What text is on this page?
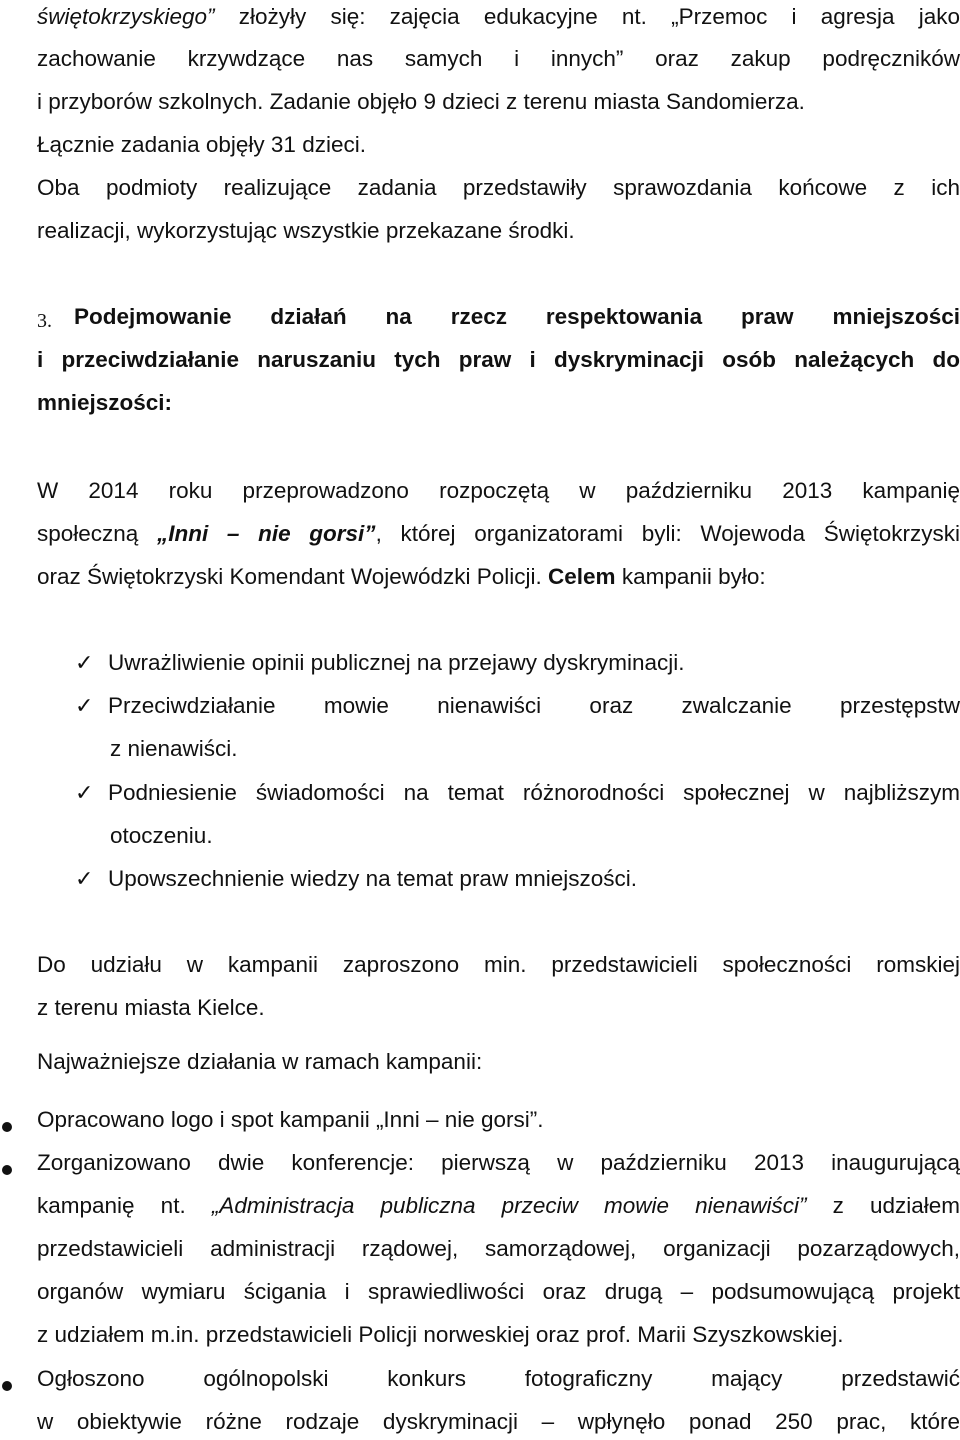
świętokrzyskiego” złożyły się: zajęcia edukacyjne nt. „Przemoc i agresja jako
zachowanie krzywdzące nas samych i innych” oraz zakup podręczników
i przyborów szkolnych. Zadanie objęło 9 dzieci z terenu miasta Sandomierza.
Łącznie zadania objęły 31 dzieci.
Oba podmioty realizujące zadania przedstawiły sprawozdania końcowe z ich
realizacji, wykorzystując wszystkie przekazane środki.
3. Podejmowanie działań na rzecz respektowania praw mniejszości
i przeciwdziałanie naruszaniu tych praw i dyskryminacji osób należących do
mniejszości:
W 2014 roku przeprowadzono rozpoczętą w październiku 2013 kampanię
społeczną „Inni – nie gorsi”, której organizatorami byli: Wojewoda Świętokrzyski
oraz Świętokrzyski Komendant Wojewódzki Policji. Celem kampanii było:
✓ Uwrażliwienie opinii publicznej na przejawy dyskryminacji.
✓ Przeciwdziałanie mowie nienawiści oraz zwalczanie przestępstw
z nienawiści.
✓ Podniesienie świadomości na temat różnorodności społecznej w najbliższym
otoczeniu.
✓ Upowszechnienie wiedzy na temat praw mniejszości.
Do udziału w kampanii zaproszono min. przedstawicieli społeczności romskiej
z terenu miasta Kielce.
Najważniejsze działania w ramach kampanii:
Opracowano logo i spot kampanii „Inni – nie gorsi”.
Zorganizowano dwie konferencje: pierwszą w październiku 2013 inaugurującą
kampanię nt. „Administracja publiczna przeciw mowie nienawiści” z udziałem
przedstawicieli administracji rządowej, samorządowej, organizacji pozarządowych,
organów wymiaru ścigania i sprawiedliwości oraz drugą – podsumowującą projekt
z udziałem m.in. przedstawicieli Policji norweskiej oraz prof. Marii Szyszkowskiej.
Ogłoszono ogólnopolski konkurs fotograficzny mający przedstawić
w obiektywie różne rodzaje dyskryminacji – wpłynęło ponad 250 prac, które
